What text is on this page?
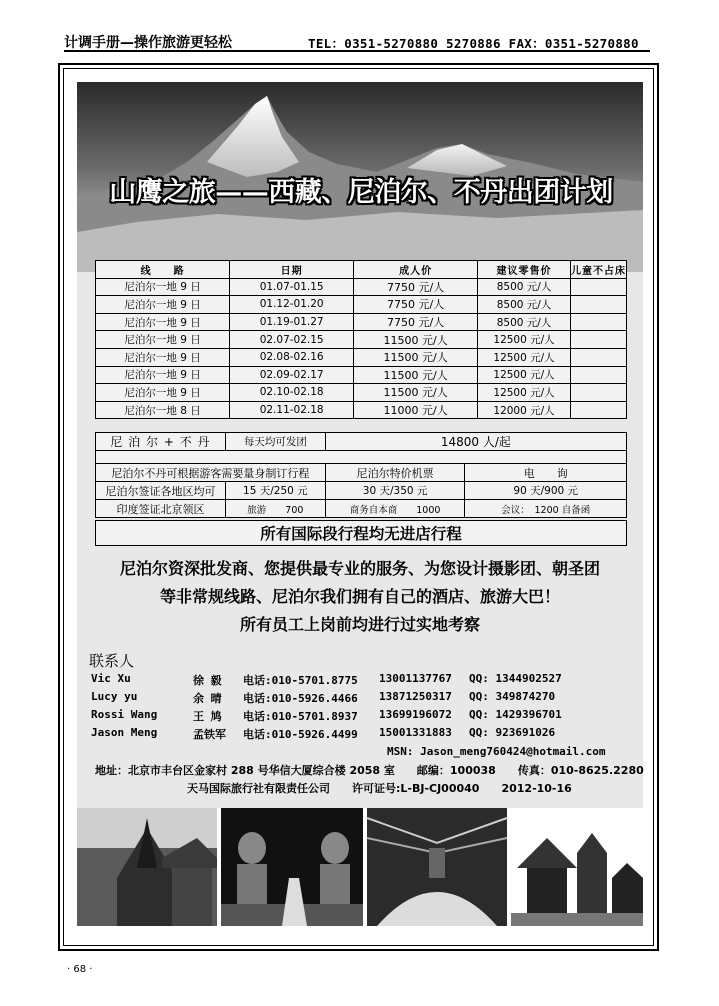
计调手册—操作旅游更轻松	TEL：0351-5270880 5270886 FAX：0351-5270880
山鹰之旅——西藏、尼泊尔、不丹出团计划
线　　路	日期	成人价	建议零售价	儿童不占床
尼泊尔一地 9 日	01.07-01.15	7750 元/人	8500 元/人	
尼泊尔一地 9 日	01.12-01.20	7750 元/人	8500 元/人	
尼泊尔一地 9 日	01.19-01.27	7750 元/人	8500 元/人	
尼泊尔一地 9 日	02.07-02.15	11500 元/人	12500 元/人	
尼泊尔一地 9 日	02.08-02.16	11500 元/人	12500 元/人	
尼泊尔一地 9 日	02.09-02.17	11500 元/人	12500 元/人	
尼泊尔一地 9 日	02.10-02.18	11500 元/人	12500 元/人	
尼泊尔一地 8 日	02.11-02.18	11000 元/人	12000 元/人	
尼 泊 尔 + 不 丹	每天均可发团	14800 人/起	

尼泊尔不丹可根据游客需要量身制订行程		尼泊尔特价机票	电　　询
尼泊尔签证各地区均可	15 天/250 元	30 天/350 元	90 天/900 元
印度签证北京领区	旅游　　700	商务自本商　　1000	会议：　1200 自备函
所有国际段行程均无进店行程
尼泊尔资深批发商、您提供最专业的服务、为您设计摄影团、朝圣团
等非常规线路、尼泊尔我们拥有自己的酒店、旅游大巴！
所有员工上岗前均进行过实地考察
联系人
Vic Xu	徐 毅 电话:010-5701.8775 13001137767 QQ: 1344902527
Lucy yu	余 晴 电话:010-5926.4466 13871250317 QQ: 349874270
Rossi Wang	王 鸠 电话:010-5701.8937 13699196072 QQ: 1429396701
Jason Meng	孟铁军 电话:010-5926.4499 15001331883 QQ: 923691026
MSN: Jason_meng760424@hotmail.com
地址：北京市丰台区金家村 288 号华信大厦综合楼 2058 室　　邮编：100038　　传真：010-8625.2280
天马国际旅行社有限责任公司　　许可证号:L-BJ-CJ00040　　2012-10-16
· 68 ·
